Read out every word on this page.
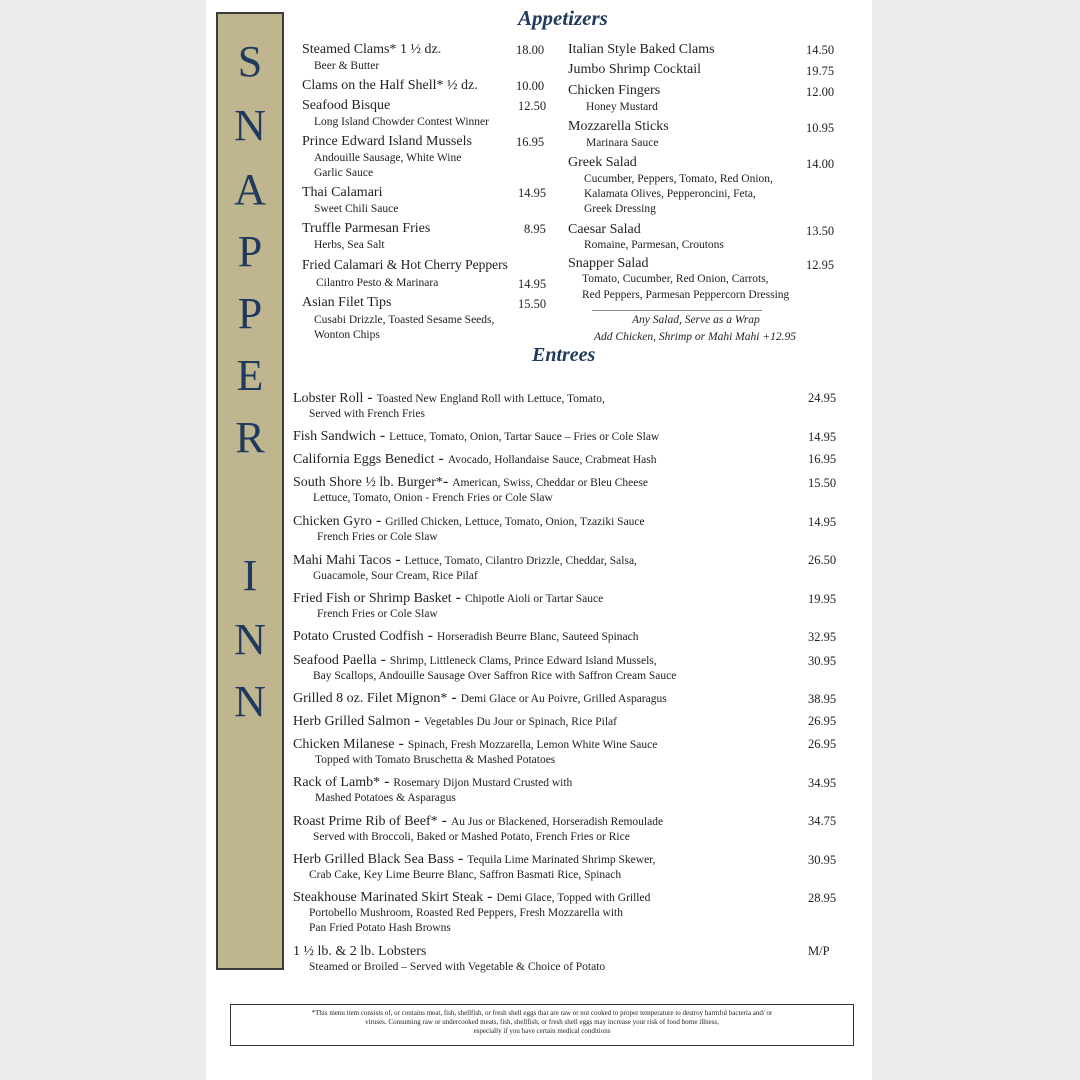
S
N
A
P
P
E
R
I
N
N
Appetizers
Steamed Clams* 1 ½ dz.	18.00
Beer & Butter
Clams on the Half Shell* ½ dz.	10.00
Seafood Bisque	12.50
Long Island Chowder Contest Winner
Prince Edward Island Mussels	16.95
Andouille Sausage, White Wine
Garlic Sauce
Thai Calamari	14.95
Sweet Chili Sauce
Truffle Parmesan Fries	8.95
Herbs, Sea Salt
Fried Calamari & Hot Cherry Peppers
Cilantro Pesto & Marinara	14.95
Asian Filet Tips	15.50
Cusabi Drizzle, Toasted Sesame Seeds,
Wonton Chips
Italian Style Baked Clams	14.50
Jumbo Shrimp Cocktail	19.75
Chicken Fingers	12.00
Honey Mustard
Mozzarella Sticks	10.95
Marinara Sauce
Greek Salad	14.00
Cucumber, Peppers, Tomato, Red Onion,
Kalamata Olives, Pepperoncini, Feta,
Greek Dressing
Caesar Salad	13.50
Romaine, Parmesan, Croutons
Snapper Salad	12.95
Tomato, Cucumber, Red Onion, Carrots,
Red Peppers, Parmesan Peppercorn Dressing
Any Salad, Serve as a Wrap
Add Chicken, Shrimp or Mahi Mahi +12.95
Entrees
Lobster Roll - Toasted New England Roll with Lettuce, Tomato,
Served with French Fries
24.95
Fish Sandwich - Lettuce, Tomato, Onion, Tartar Sauce – Fries or Cole Slaw	14.95
California Eggs Benedict - Avocado, Hollandaise Sauce, Crabmeat Hash	16.95
South Shore ½ lb. Burger*- American, Swiss, Cheddar or Bleu Cheese
Lettuce, Tomato, Onion - French Fries or Cole Slaw
15.50
Chicken Gyro - Grilled Chicken, Lettuce, Tomato, Onion, Tzaziki Sauce
French Fries or Cole Slaw
14.95
Mahi Mahi Tacos - Lettuce, Tomato, Cilantro Drizzle, Cheddar, Salsa,
Guacamole, Sour Cream, Rice Pilaf
26.50
Fried Fish or Shrimp Basket - Chipotle Aioli or Tartar Sauce
French Fries or Cole Slaw
19.95
Potato Crusted Codfish - Horseradish Beurre Blanc, Sauteed Spinach	32.95
Seafood Paella - Shrimp, Littleneck Clams, Prince Edward Island Mussels,
Bay Scallops, Andouille Sausage Over Saffron Rice with Saffron Cream Sauce
30.95
Grilled 8 oz. Filet Mignon* - Demi Glace or Au Poivre, Grilled Asparagus	38.95
Herb Grilled Salmon - Vegetables Du Jour or Spinach, Rice Pilaf	26.95
Chicken Milanese - Spinach, Fresh Mozzarella, Lemon White Wine Sauce
Topped with Tomato Bruschetta & Mashed Potatoes
26.95
Rack of Lamb* - Rosemary Dijon Mustard Crusted with
Mashed Potatoes & Asparagus
34.95
Roast Prime Rib of Beef* - Au Jus or Blackened, Horseradish Remoulade
Served with Broccoli, Baked or Mashed Potato, French Fries or Rice
34.75
Herb Grilled Black Sea Bass - Tequila Lime Marinated Shrimp Skewer,
Crab Cake, Key Lime Beurre Blanc, Saffron Basmati Rice, Spinach
30.95
Steakhouse Marinated Skirt Steak - Demi Glace, Topped with Grilled
Portobello Mushroom, Roasted Red Peppers, Fresh Mozzarella with
Pan Fried Potato Hash Browns
28.95
1 ½ lb. & 2 lb. Lobsters
Steamed or Broiled – Served with Vegetable & Choice of Potato
M/P
*This menu item consists of, or contains meat, fish, shellfish, or fresh shell eggs that are raw or not cooked to proper temperature to destroy harmful bacteria and/ or
viruses. Consuming raw or undercooked meats, fish, shellfish, or fresh shell eggs may increase your risk of food borne illness,
especially if you have certain medical conditions
